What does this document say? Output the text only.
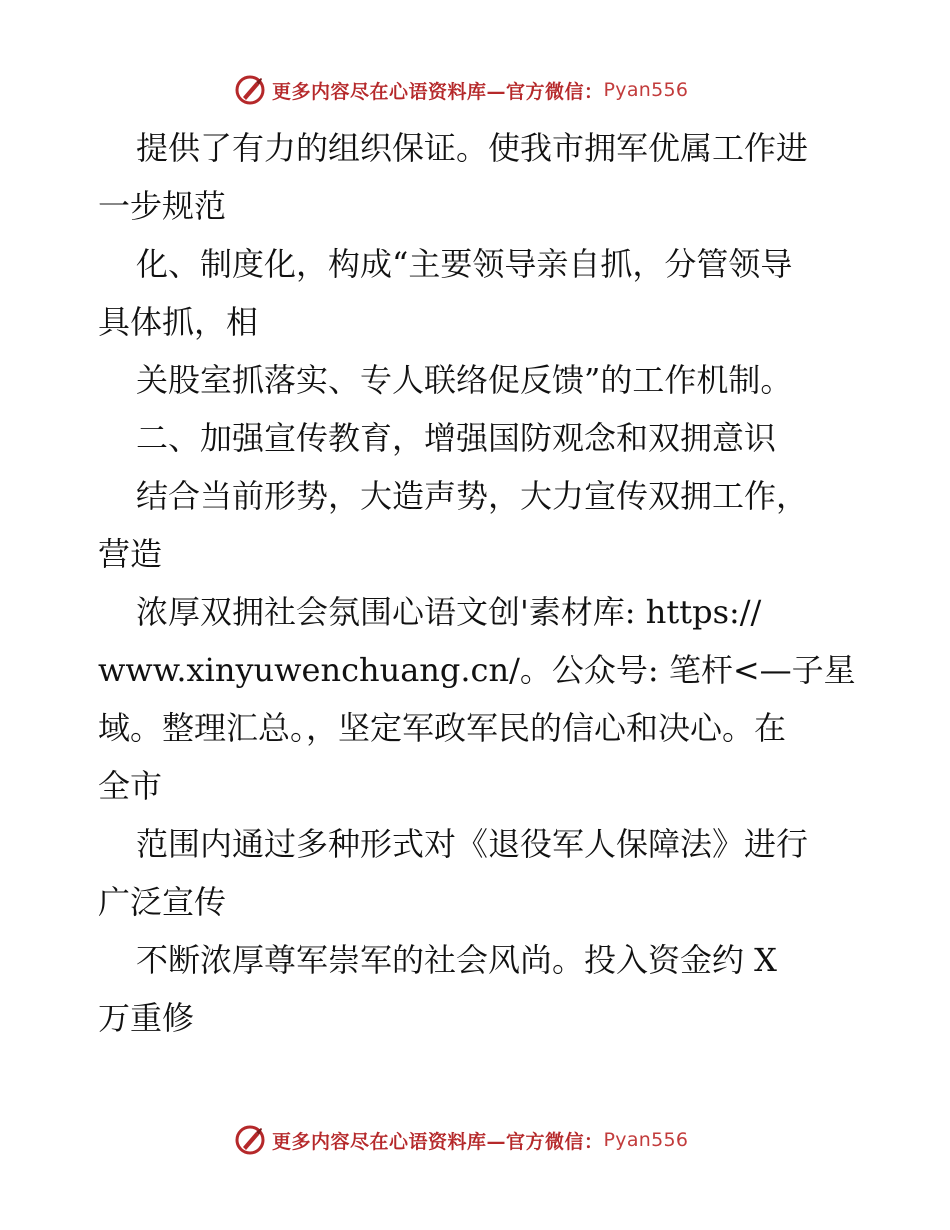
更多内容尽在心语资料库—官方微信： Pyan556
提供了有力的组织保证。使我市拥军优属工作进
一步规范
化、制度化，构成“主要领导亲自抓，分管领导
具体抓，相
关股室抓落实、专人联络促反馈”的工作机制。
二、加强宣传教育，增强国防观念和双拥意识
结合当前形势，大造声势，大力宣传双拥工作，
营造
浓厚双拥社会氛围心语文创'素材库: https://
www.xinyuwenchuang.cn/。公众号: 笔杆<—子星
域。整理汇总。，坚定军政军民的信心和决心。在
全市
范围内通过多种形式对《退役军人保障法》进行
广泛宣传
不断浓厚尊军崇军的社会风尚。投入资金约 X
万重修
更多内容尽在心语资料库—官方微信： Pyan556
